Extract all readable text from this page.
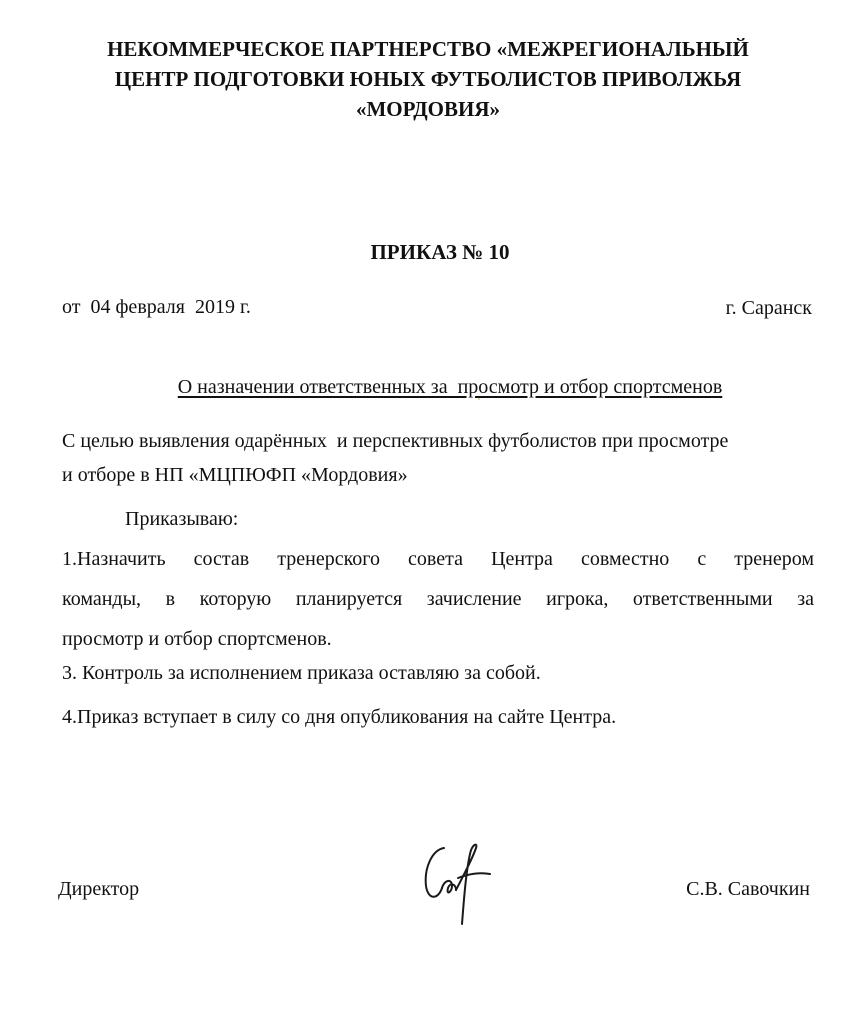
НЕКОММЕРЧЕСКОЕ ПАРТНЕРСТВО «МЕЖРЕГИОНАЛЬНЫЙ
ЦЕНТР ПОДГОТОВКИ ЮНЫХ ФУТБОЛИСТОВ ПРИВОЛЖЬЯ
«МОРДОВИЯ»
ПРИКАЗ № 10
от  04 февраля  2019 г.	г. Саранск

О назначении ответственных за  просмотр и отбор спортсменов

С целью выявления одарённых  и перспективных футболистов при просмотре
и отборе в НП «МЦПЮФП «Мордовия»
Приказываю:
1.Назначить состав тренерского совета Центра совместно с тренером
команды, в которую планируется зачисление игрока, ответственными за
просмотр и отбор спортсменов.
3. Контроль за исполнением приказа оставляю за собой.
4.Приказ вступает в силу со дня опубликования на сайте Центра.
Директор	С.В. Савочкин
